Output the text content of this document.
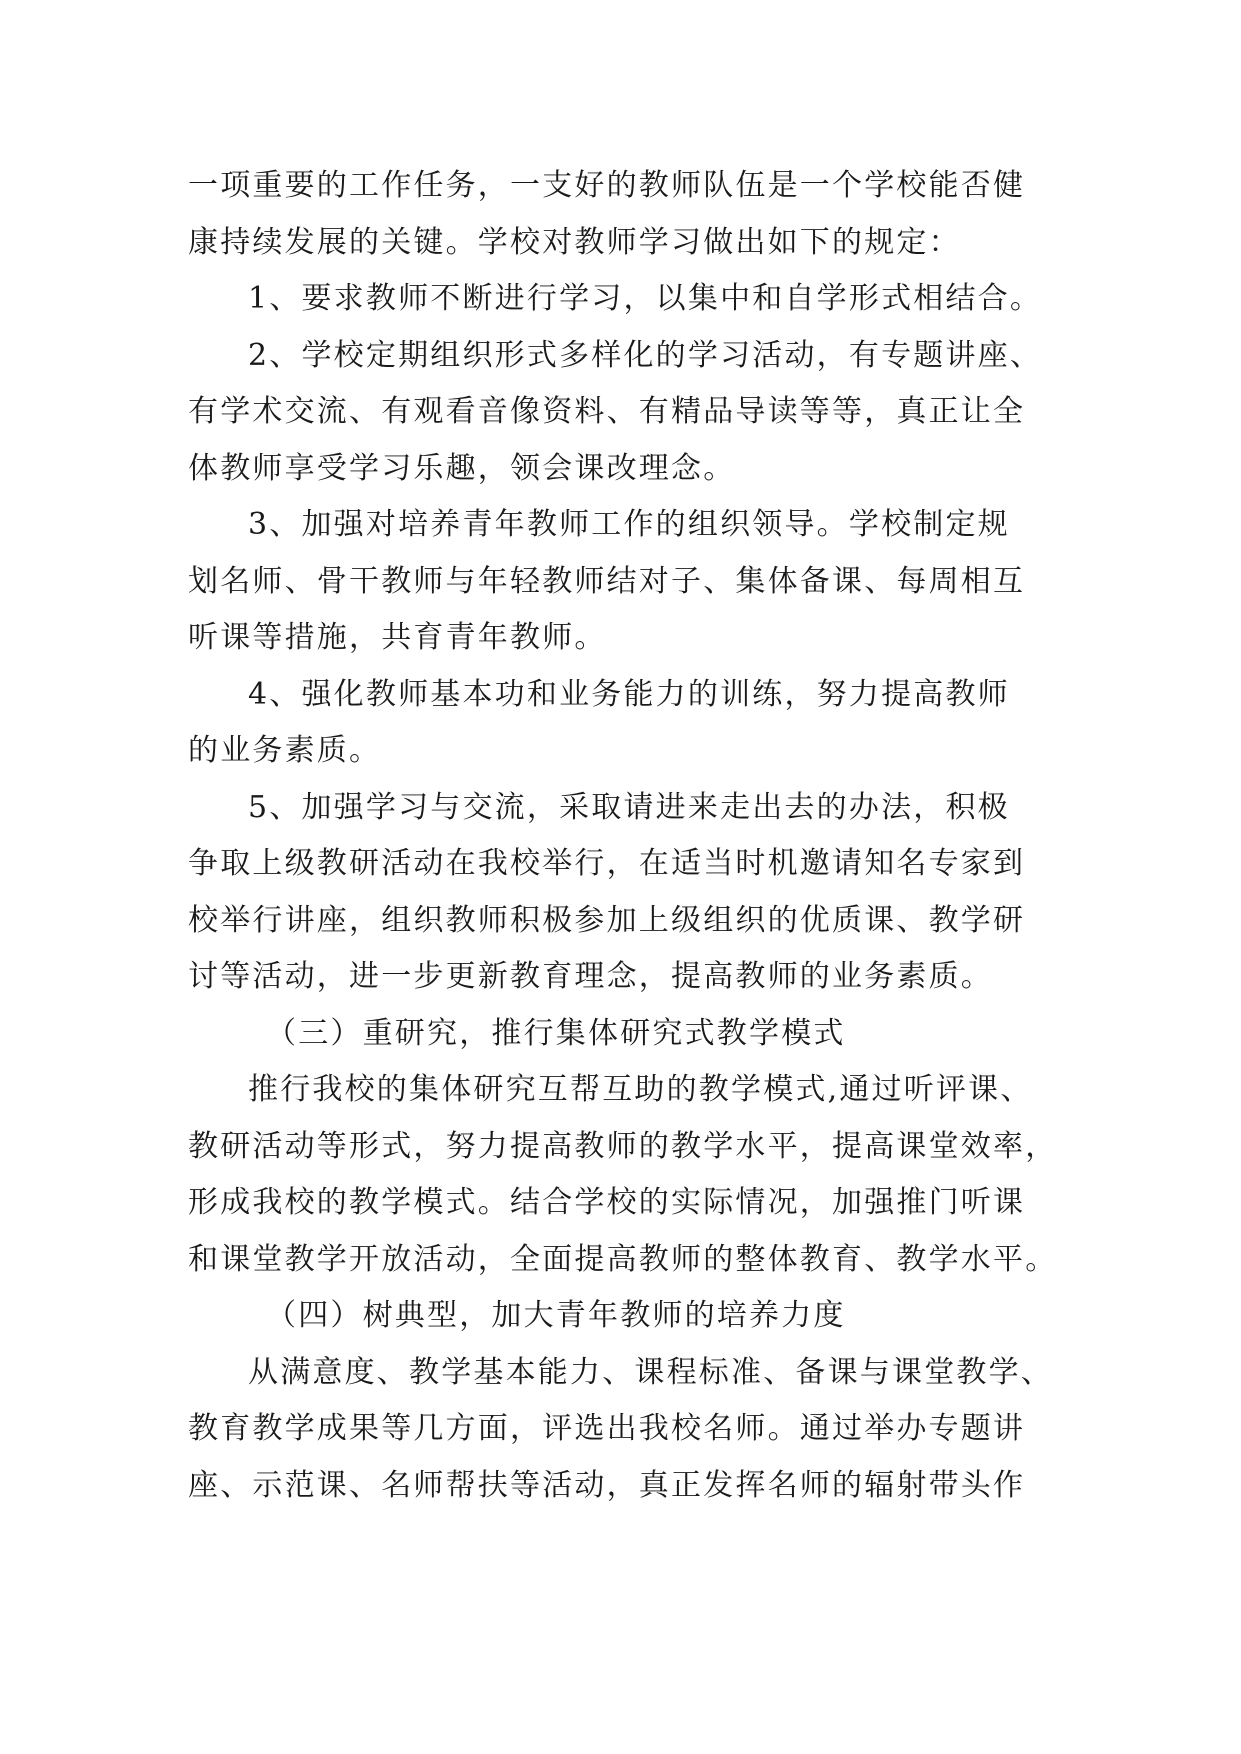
一项重要的工作任务，一支好的教师队伍是一个学校能否健
康持续发展的关键。学校对教师学习做出如下的规定：
1、要求教师不断进行学习，以集中和自学形式相结合。
2、学校定期组织形式多样化的学习活动，有专题讲座、
有学术交流、有观看音像资料、有精品导读等等，真正让全
体教师享受学习乐趣，领会课改理念。
3、加强对培养青年教师工作的组织领导。学校制定规
划名师、骨干教师与年轻教师结对子、集体备课、每周相互
听课等措施，共育青年教师。
4、强化教师基本功和业务能力的训练，努力提高教师
的业务素质。
5、加强学习与交流，采取请进来走出去的办法，积极
争取上级教研活动在我校举行，在适当时机邀请知名专家到
校举行讲座，组织教师积极参加上级组织的优质课、教学研
讨等活动，进一步更新教育理念，提高教师的业务素质。
（三）重研究，推行集体研究式教学模式
推行我校的集体研究互帮互助的教学模式,通过听评课、
教研活动等形式，努力提高教师的教学水平，提高课堂效率，
形成我校的教学模式。结合学校的实际情况，加强推门听课
和课堂教学开放活动，全面提高教师的整体教育、教学水平。
（四）树典型，加大青年教师的培养力度
从满意度、教学基本能力、课程标准、备课与课堂教学、
教育教学成果等几方面，评选出我校名师。通过举办专题讲
座、示范课、名师帮扶等活动，真正发挥名师的辐射带头作
